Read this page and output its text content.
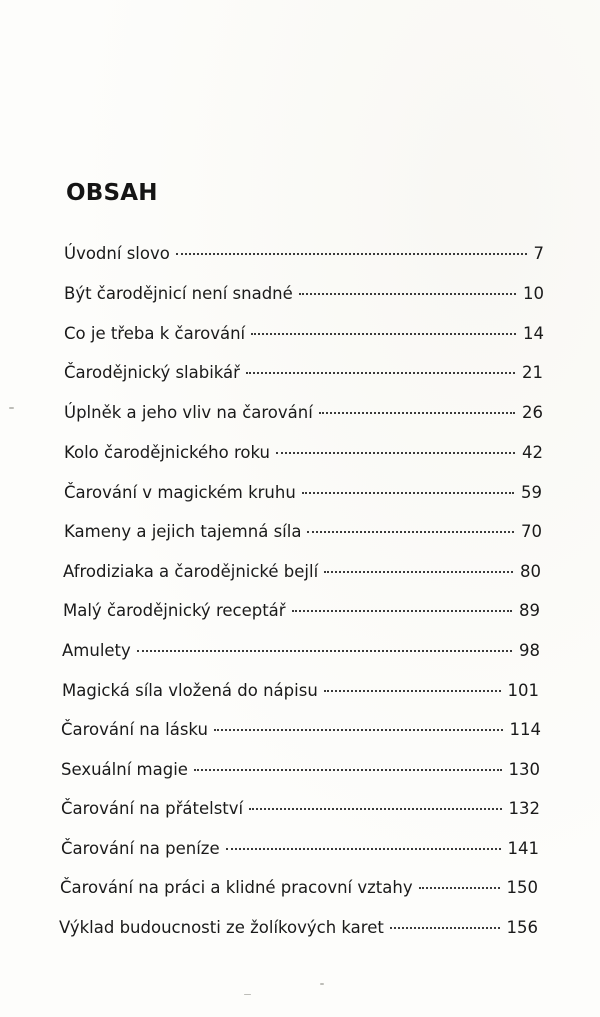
OBSAH
Úvodní slovo	7
Být čarodějnicí není snadné	10
Co je třeba k čarování	14
Čarodějnický slabikář	21
Úplněk a jeho vliv na čarování	26
Kolo čarodějnického roku	42
Čarování v magickém kruhu	59
Kameny a jejich tajemná síla	70
Afrodiziaka a čarodějnické bejlí	80
Malý čarodějnický receptář	89
Amulety	98
Magická síla vložená do nápisu	101
Čarování na lásku	114
Sexuální magie	130
Čarování na přátelství	132
Čarování na peníze	141
Čarování na práci a klidné pracovní vztahy	150
Výklad budoucnosti ze žolíkových karet	156
